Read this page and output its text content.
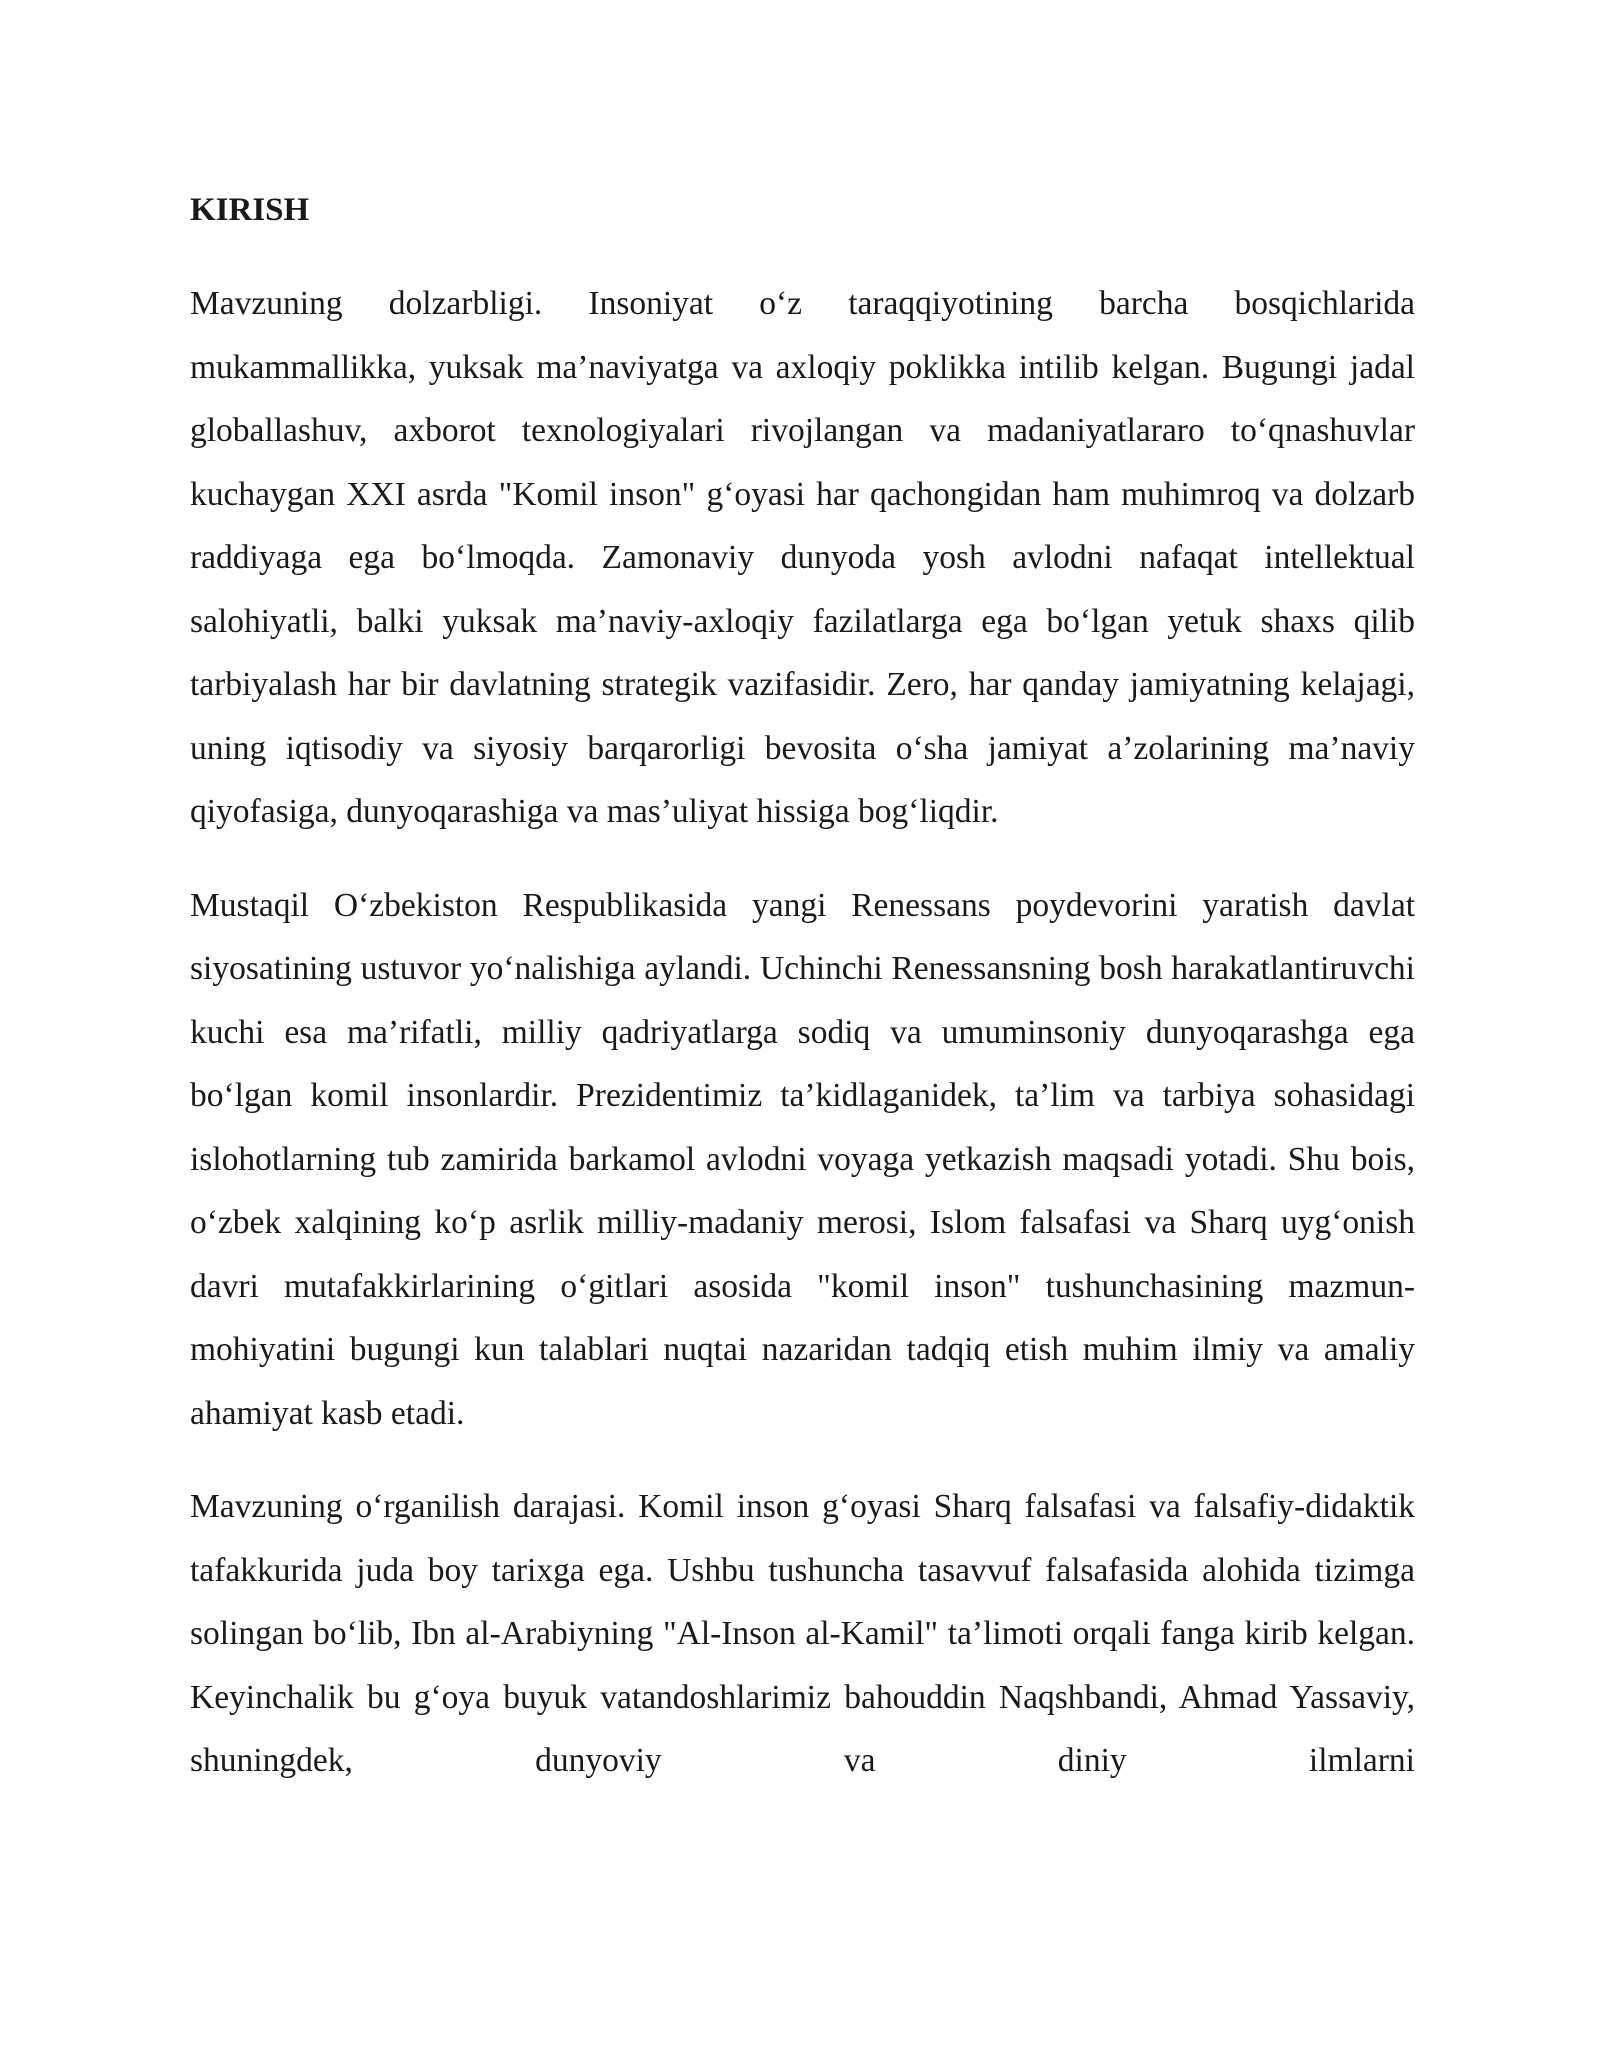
KIRISH

Mavzuning dolzarbligi. Insoniyat o‘z taraqqiyotining barcha bosqichlarida mukammallikka, yuksak ma’naviyatga va axloqiy poklikka intilib kelgan. Bugungi jadal globallashuv, axborot texnologiyalari rivojlangan va madaniyatlararo to‘qnashuvlar kuchaygan XXI asrda "Komil inson" g‘oyasi har qachongidan ham muhimroq va dolzarb raddiyaga ega bo‘lmoqda. Zamonaviy dunyoda yosh avlodni nafaqat intellektual salohiyatli, balki yuksak ma’naviy-axloqiy fazilatlarga ega bo‘lgan yetuk shaxs qilib tarbiyalash har bir davlatning strategik vazifasidir. Zero, har qanday jamiyatning kelajagi, uning iqtisodiy va siyosiy barqarorligi bevosita o‘sha jamiyat a’zolarining ma’naviy qiyofasiga, dunyoqarashiga va mas’uliyat hissiga bog‘liqdir.

Mustaqil O‘zbekiston Respublikasida yangi Renessans poydevorini yaratish davlat siyosatining ustuvor yo‘nalishiga aylandi. Uchinchi Renessansning bosh harakatlantiruvchi kuchi esa ma’rifatli, milliy qadriyatlarga sodiq va umuminsoniy dunyoqarashga ega bo‘lgan komil insonlardir. Prezidentimiz ta’kidlaganidek, ta’lim va tarbiya sohasidagi islohotlarning tub zamirida barkamol avlodni voyaga yetkazish maqsadi yotadi. Shu bois, o‘zbek xalqining ko‘p asrlik milliy-madaniy merosi, Islom falsafasi va Sharq uyg‘onish davri mutafakkirlarining o‘gitlari asosida "komil inson" tushunchasining mazmun-mohiyatini bugungi kun talablari nuqtai nazaridan tadqiq etish muhim ilmiy va amaliy ahamiyat kasb etadi.

Mavzuning o‘rganilish darajasi. Komil inson g‘oyasi Sharq falsafasi va falsafiy-didaktik tafakkurida juda boy tarixga ega. Ushbu tushuncha tasavvuf falsafasida alohida tizimga solingan bo‘lib, Ibn al-Arabiyning "Al-Inson al-Kamil" ta’limoti orqali fanga kirib kelgan. Keyinchalik bu g‘oya buyuk vatandoshlarimiz bahouddin Naqshbandi, Ahmad Yassaviy, shuningdek, dunyoviy va diniy ilmlarni
